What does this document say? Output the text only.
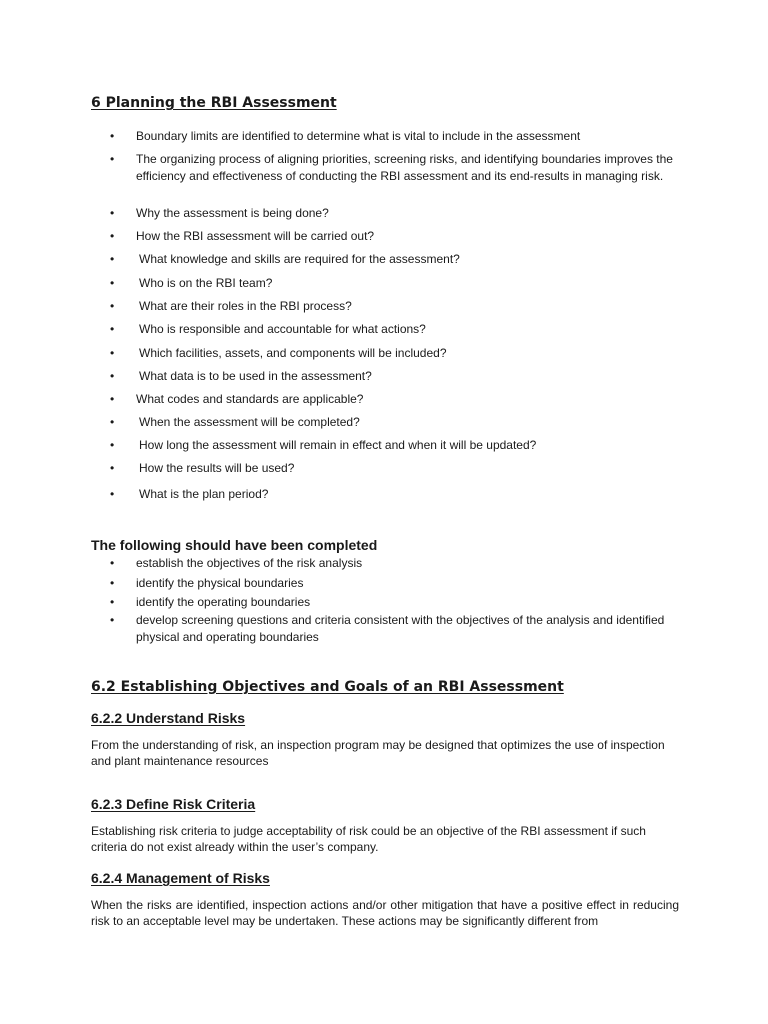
6 Planning the RBI Assessment
• Boundary limits are identified to determine what is vital to include in the assessment
• The organizing process of aligning priorities, screening risks, and identifying boundaries improves the efficiency and effectiveness of conducting the RBI assessment and its end-results in managing risk.
• Why the assessment is being done?
• How the RBI assessment will be carried out?
• What knowledge and skills are required for the assessment?
• Who is on the RBI team?
• What are their roles in the RBI process?
• Who is responsible and accountable for what actions?
• Which facilities, assets, and components will be included?
• What data is to be used in the assessment?
• What codes and standards are applicable?
• When the assessment will be completed?
• How long the assessment will remain in effect and when it will be updated?
• How the results will be used?
• What is the plan period?
The following should have been completed
• establish the objectives of the risk analysis
• identify the physical boundaries
• identify the operating boundaries
• develop screening questions and criteria consistent with the objectives of the analysis and identified physical and operating boundaries
6.2 Establishing Objectives and Goals of an RBI Assessment
6.2.2 Understand Risks

From the understanding of risk, an inspection program may be designed that optimizes the use of inspection and plant maintenance resources

6.2.3 Define Risk Criteria

Establishing risk criteria to judge acceptability of risk could be an objective of the RBI assessment if such criteria do not exist already within the user’s company.

6.2.4 Management of Risks

When the risks are identified, inspection actions and/or other mitigation that have a positive effect in reducing risk to an acceptable level may be undertaken. These actions may be significantly different from
